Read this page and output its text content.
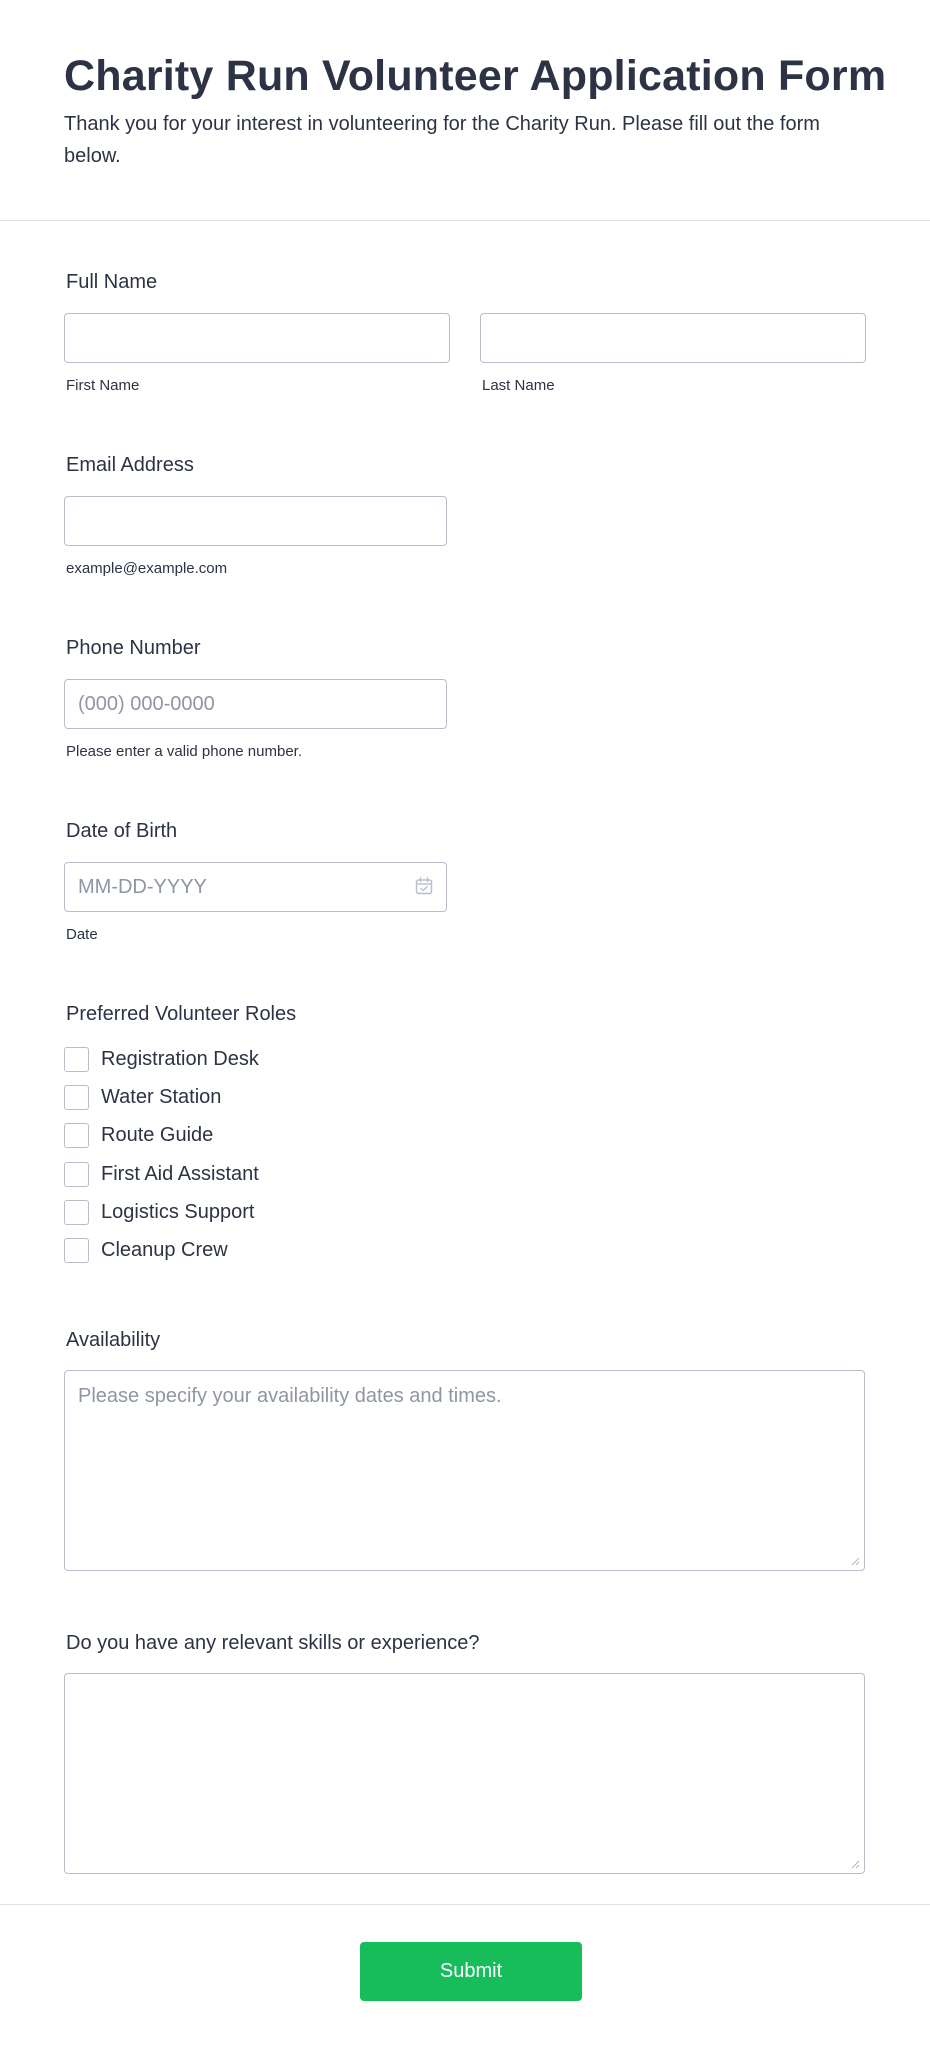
Charity Run Volunteer Application Form

Thank you for your interest in volunteering for the Charity Run. Please fill out the form below.

Full Name
First Name	Last Name
Email Address
example@example.com
Phone Number
(000) 000-0000
Please enter a valid phone number.
Date of Birth
MM-DD-YYYY
Date
Preferred Volunteer Roles
Registration Desk
Water Station
Route Guide
First Aid Assistant
Logistics Support
Cleanup Crew
Availability
Please specify your availability dates and times.
Do you have any relevant skills or experience?
Submit
